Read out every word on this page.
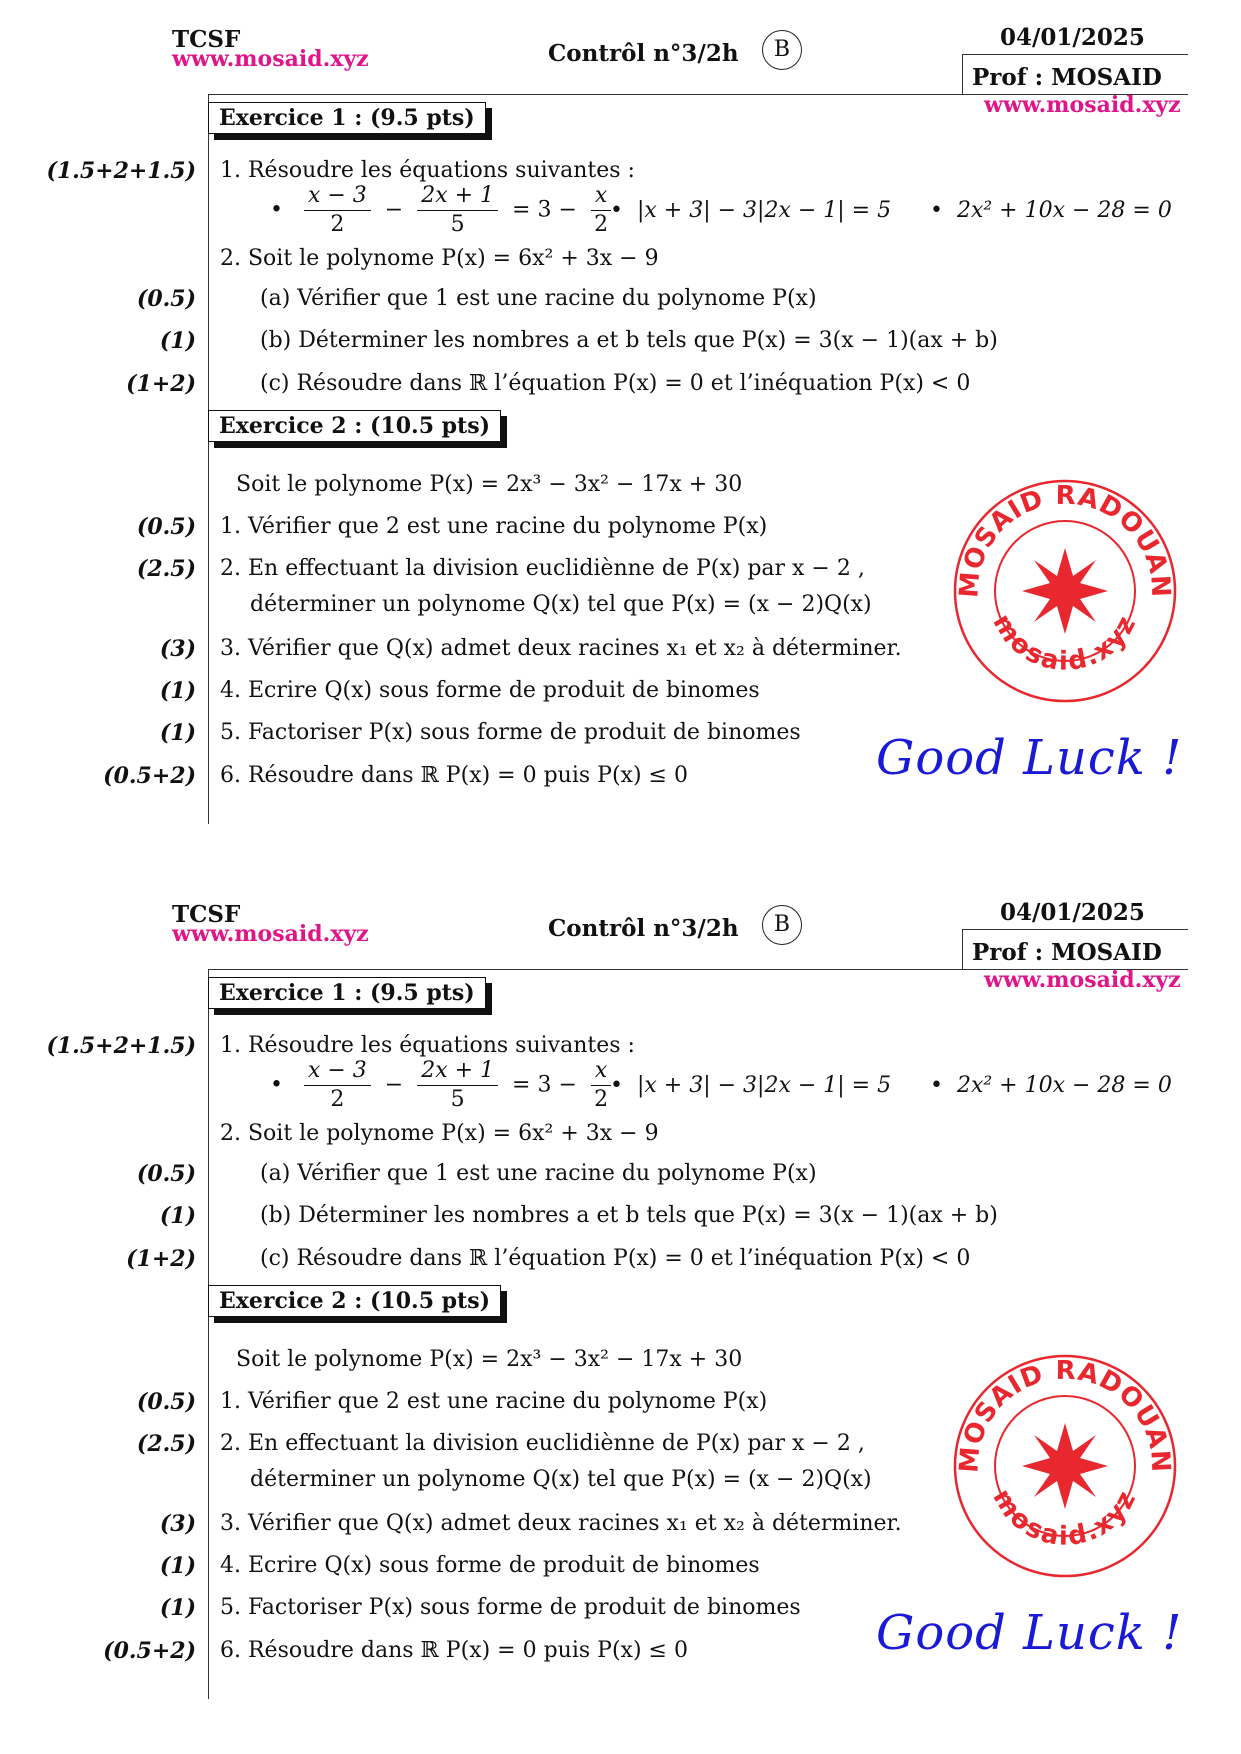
TCSF
www.mosaid.xyz	Contrôl n°3/2h	B	04/01/2025
Prof : MOSAID
www.mosaid.xyz
Exercice 1 : (9.5 pts)
(1.5+2+1.5) 1. Résoudre les équations suivantes :
• $\frac{x - 3}{2} - \frac{2x + 1}{5} = 3 - \frac{x}{2}$
•  |x + 3| − 3|2x − 1| = 5 •  2x² + 10x − 28 = 0
2. Soit le polynome P(x) = 6x² + 3x − 9
(0.5)	(a) Vérifier que 1 est une racine du polynome P(x)
(1)	(b) Déterminer les nombres a et b tels que P(x) = 3(x − 1)(ax + b)
(1+2)	(c) Résoudre dans ℝ l’équation P(x) = 0 et l’inéquation P(x) < 0
Exercice 2 : (10.5 pts)
Soit le polynome P(x) = 2x³ − 3x² − 17x + 30
(0.5) 1. Vérifier que 2 est une racine du polynome P(x)
(2.5) 2. En effectuant la division euclidiènne de P(x) par x − 2 ,
déterminer un polynome Q(x) tel que P(x) = (x − 2)Q(x)
(3) 3. Vérifier que Q(x) admet deux racines x₁ et x₂ à déterminer.
(1) 4. Ecrire Q(x) sous forme de produit de binomes
(1) 5. Factoriser P(x) sous forme de produit de binomes
(0.5+2) 6. Résoudre dans ℝ P(x) = 0 puis P(x) ≤ 0
MOSAID RADOUAN
mosaid.xyz
Good Luck !
TCSF
www.mosaid.xyz	Contrôl n°3/2h	B	04/01/2025
Prof : MOSAID
www.mosaid.xyz
Exercice 1 : (9.5 pts)
(1.5+2+1.5) 1. Résoudre les équations suivantes :
• $\frac{x - 3}{2} - \frac{2x + 1}{5} = 3 - \frac{x}{2}$
•  |x + 3| − 3|2x − 1| = 5 •  2x² + 10x − 28 = 0
2. Soit le polynome P(x) = 6x² + 3x − 9
(0.5)	(a) Vérifier que 1 est une racine du polynome P(x)
(1)	(b) Déterminer les nombres a et b tels que P(x) = 3(x − 1)(ax + b)
(1+2)	(c) Résoudre dans ℝ l’équation P(x) = 0 et l’inéquation P(x) < 0
Exercice 2 : (10.5 pts)
Soit le polynome P(x) = 2x³ − 3x² − 17x + 30
(0.5) 1. Vérifier que 2 est une racine du polynome P(x)
(2.5) 2. En effectuant la division euclidiènne de P(x) par x − 2 ,
déterminer un polynome Q(x) tel que P(x) = (x − 2)Q(x)
(3) 3. Vérifier que Q(x) admet deux racines x₁ et x₂ à déterminer.
(1) 4. Ecrire Q(x) sous forme de produit de binomes
(1) 5. Factoriser P(x) sous forme de produit de binomes
(0.5+2) 6. Résoudre dans ℝ P(x) = 0 puis P(x) ≤ 0
MOSAID RADOUAN
mosaid.xyz
Good Luck !
